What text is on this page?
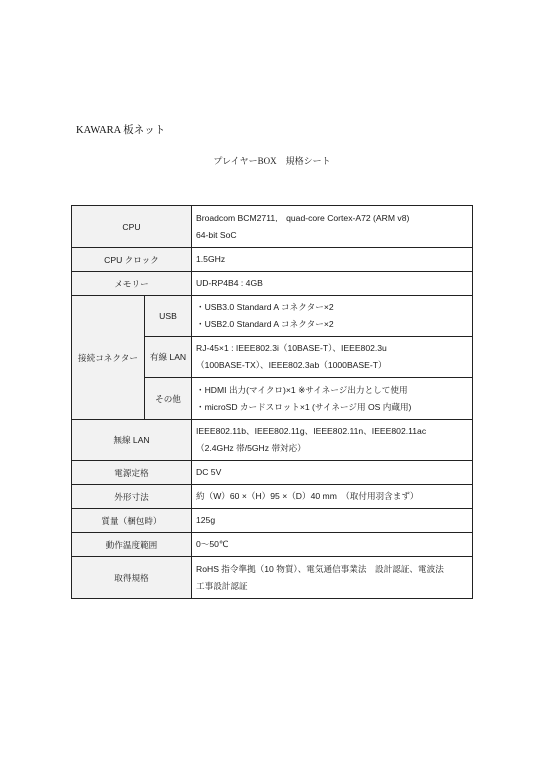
KAWARA 板ネット
プレイヤーBOX　規格シート
CPU		Broadcom BCM2711,　quad-core Cortex-A72 (ARM v8)
64-bit SoC

CPU クロック		1.5GHz

メモリー		UD-RP4B4 : 4GB

接続コネクター	USB	・USB3.0 Standard A コネクター×2
・USB2.0 Standard A コネクター×2

	有線 LAN	RJ-45×1 : IEEE802.3i（10BASE-T）、IEEE802.3u
（100BASE-TX）、IEEE802.3ab（1000BASE-T）

	その他	・HDMI 出力(マイクロ)×1 ※サイネージ出力として使用
・microSD カードスロット×1 (サイネージ用 OS 内蔵用)

無線 LAN		IEEE802.11b、IEEE802.11g、IEEE802.11n、IEEE802.11ac
（2.4GHz 帯/5GHz 帯対応）

電源定格		DC 5V

外形寸法		約（W）60 ×（H）95 ×（D）40 mm　（取付用羽含まず）

質量（梱包時）		125g

動作温度範囲		0～50℃

取得規格		RoHS 指令準拠（10 物質）、電気通信事業法　設計認証、電波法
工事設計認証
